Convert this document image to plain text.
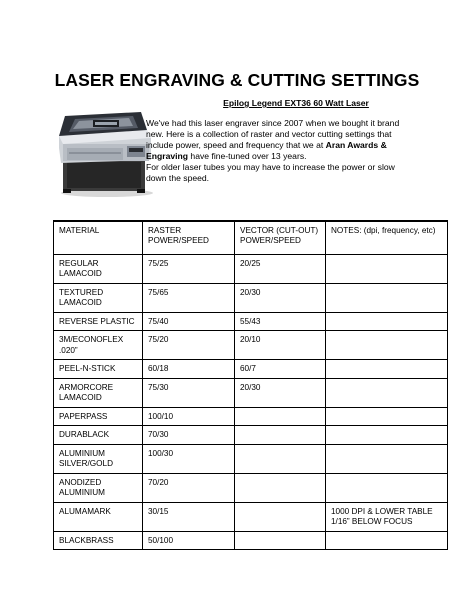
LASER ENGRAVING & CUTTING SETTINGS
Epilog Legend EXT36 60 Watt Laser

We've had this laser engraver since 2007 when we bought it brand new. Here is a collection of raster and vector cutting settings that include power, speed and frequency that we at Aran Awards & Engraving have fine-tuned over 13 years.

For older laser tubes you may have to increase the power or slow down the speed.

MATERIAL	RASTER POWER/SPEED	VECTOR (CUT-OUT) POWER/SPEED	NOTES: (dpi, frequency, etc)
REGULAR LAMACOID	75/25	20/25	
TEXTURED LAMACOID	75/65	20/30	
REVERSE PLASTIC	75/40	55/43	
3M/ECONOFLEX .020”	75/20	20/10	
PEEL-N-STICK	60/18	60/7	
ARMORCORE LAMACOID	75/30	20/30	
PAPERPASS	100/10		
DURABLACK	70/30		
ALUMINIUM SILVER/GOLD	100/30		
ANODIZED ALUMINIUM	70/20		
ALUMAMARK	30/15		1000 DPI & LOWER TABLE 1/16” BELOW FOCUS
BLACKBRASS	50/100		
